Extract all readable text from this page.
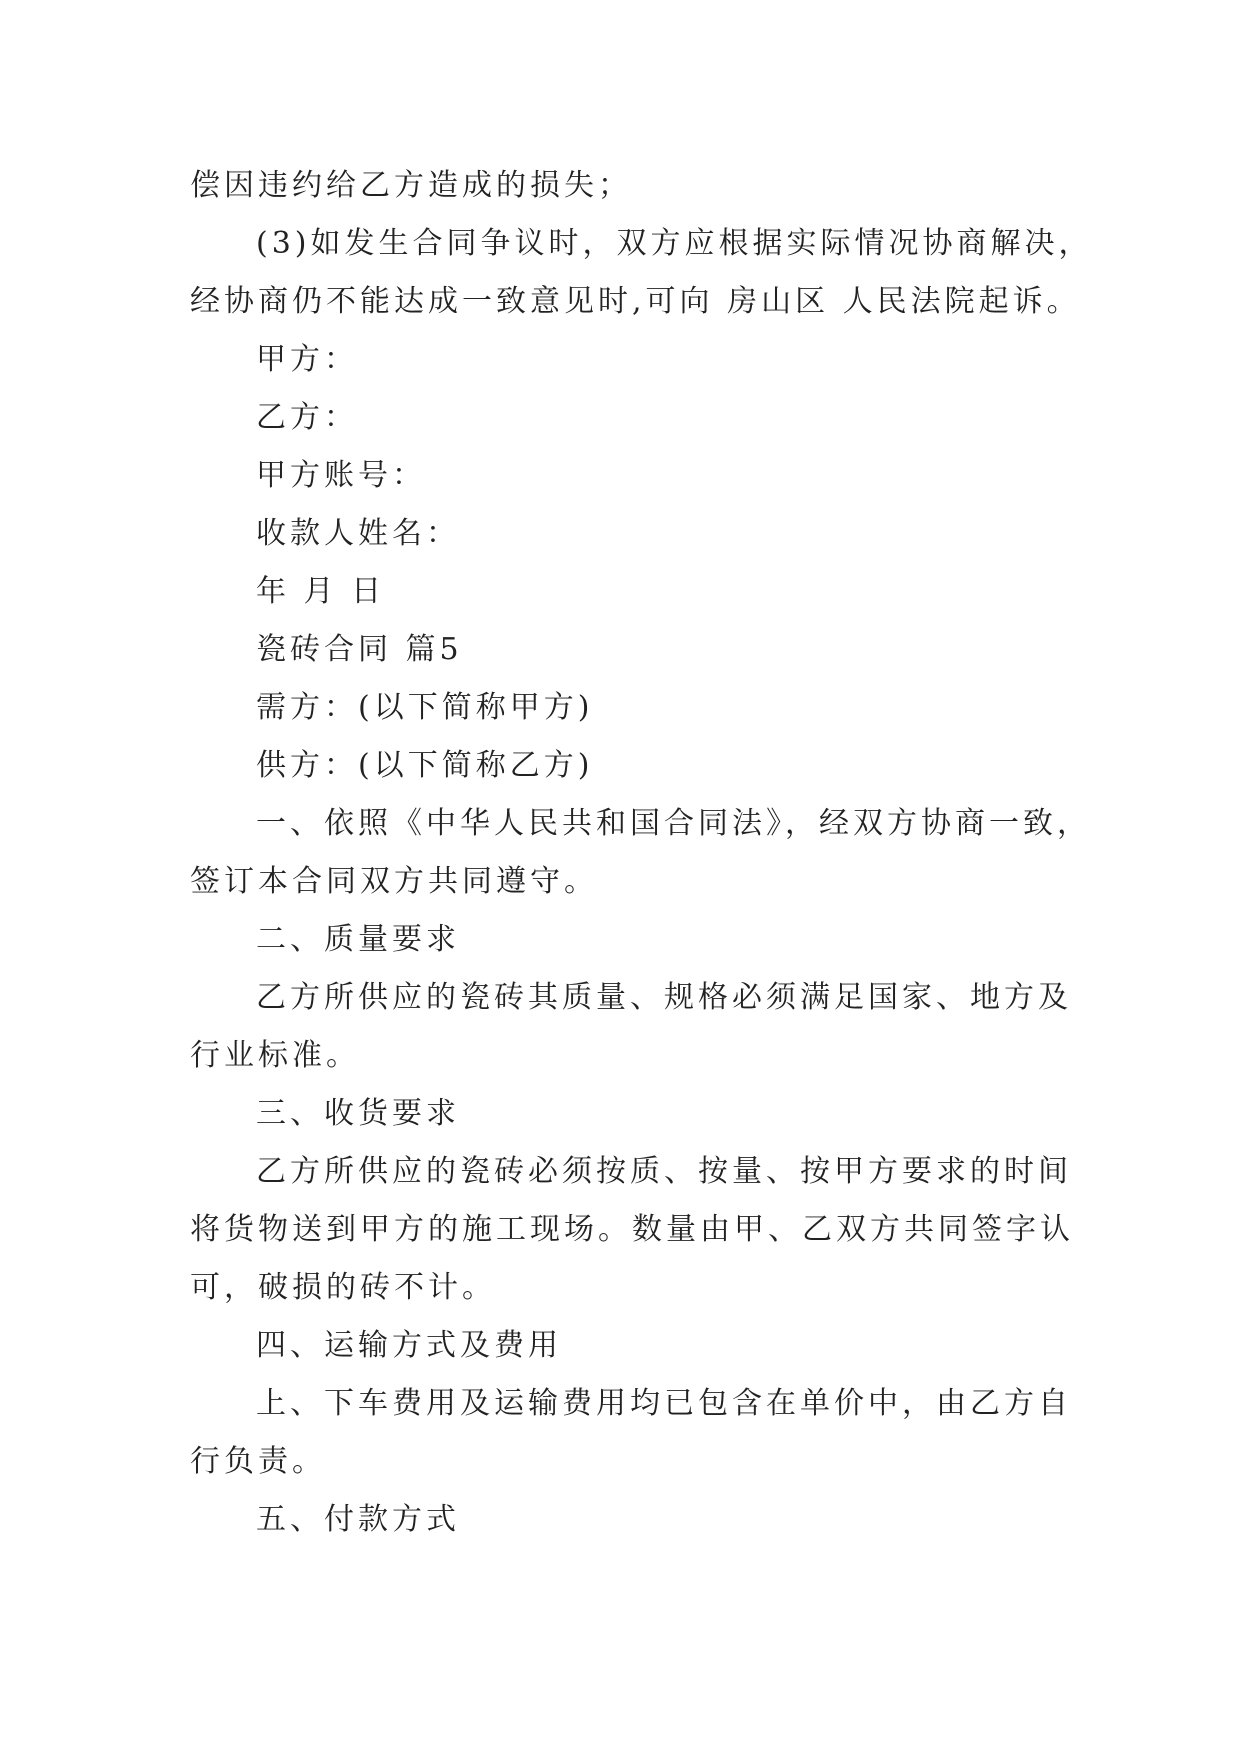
偿因违约给乙方造成的损失；
(3)如发生合同争议时，双方应根据实际情况协商解决，
经协商仍不能达成一致意见时,可向 房山区 人民法院起诉。
甲方：
乙方：
甲方账号：
收款人姓名：
年 月 日
瓷砖合同 篇5
需方：(以下简称甲方)
供方：(以下简称乙方)
一、依照《中华人民共和国合同法》，经双方协商一致，
签订本合同双方共同遵守。
二、质量要求
乙方所供应的瓷砖其质量、规格必须满足国家、地方及
行业标准。
三、收货要求
乙方所供应的瓷砖必须按质、按量、按甲方要求的时间
将货物送到甲方的施工现场。数量由甲、乙双方共同签字认
可，破损的砖不计。
四、运输方式及费用
上、下车费用及运输费用均已包含在单价中，由乙方自
行负责。
五、付款方式
